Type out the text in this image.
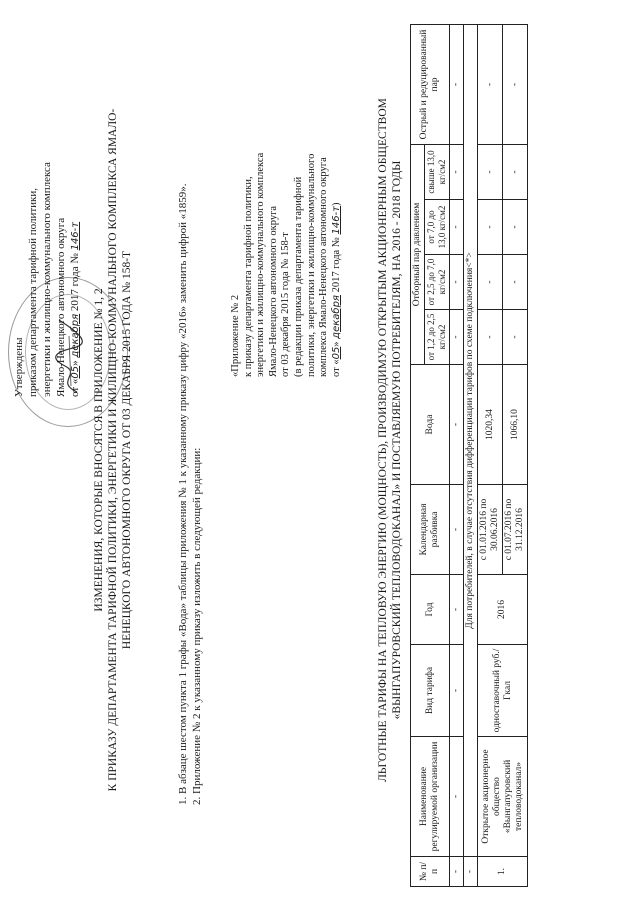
Утверждены приказом департамента тарифной политики, энергетики и жилищно-коммунального комплекса Ямало-Ненецкого автономного округа от «05» декабря 2017 года № 146-т
ИЗМЕНЕНИЯ, КОТОРЫЕ ВНОСЯТСЯ В ПРИЛОЖЕНИЕ № 1, 2 К ПРИКАЗУ ДЕПАРТАМЕНТА ТАРИФНОЙ ПОЛИТИКИ, ЭНЕРГЕТИКИ И ЖИЛИЩНО-КОММУНАЛЬНОГО КОМПЛЕКСА ЯМАЛО- НЕНЕЦКОГО АВТОНОМНОГО ОКРУГА ОТ 03 ДЕКАБРЯ 2015 ГОДА № 158-Т	1. В абзаце шестом пункта 1 графы «Вода» таблицы приложения № 1 к указанному приказу цифру «2016» заменить цифрой «1859». 2. Приложение № 2 к указанному приказу изложить в следующей редакции:
«Приложение № 2 к приказу департамента тарифной политики, энергетики и жилищно-коммунального комплекса Ямало-Ненецкого автономного округа от 03 декабря 2015 года № 158-т (в редакции приказа департамента тарифной политики, энергетики и жилищно-коммунального комплекса Ямало-Ненецкого автономного округа от «05» декабря 2017 года № 146-т)	ЛЬГОТНЫЕ ТАРИФЫ НА ТЕПЛОВУЮ ЭНЕРГИЮ (МОЩНОСТЬ), ПРОИЗВОДИМУЮ ОТКРЫТЫМ АКЦИОНЕРНЫМ ОБЩЕСТВОМ «ВЫНГАПУРОВСКИЙ ТЕПЛОВОДОКАНАЛ» И ПОСТАВЛЯЕМУЮ ПОТРЕБИТЕЛЯМ, НА 2016 - 2018 ГОДЫ
№ п/п	Наименование регулируемой организации	Вид тарифа	Год	Календарная разбивка	Вода	Отборный пар давлением				Острый и редуцированный пар
						от 1,2 до 2,5 кг/см2	от 2,5 до 7,0 кг/см2	от 7,0 до 13,0 кг/см2	свыше 13,0 кг/см2	
-	-	-	-	-	-	-	-	-	-	-
-	Для потребителей, в случае отсутствия дифференциации тарифов по схеме подключения<*>									
1.	Открытое акционерное общество «Вынгапуровский тепловодоканал»	одноставочный руб./Гкал	2016	с 01.01.2016 по 30.06.2016	1020,34	-	-	-	-	-
				с 01.07.2016 по 31.12.2016	1066,10	-	-	-	-	-
